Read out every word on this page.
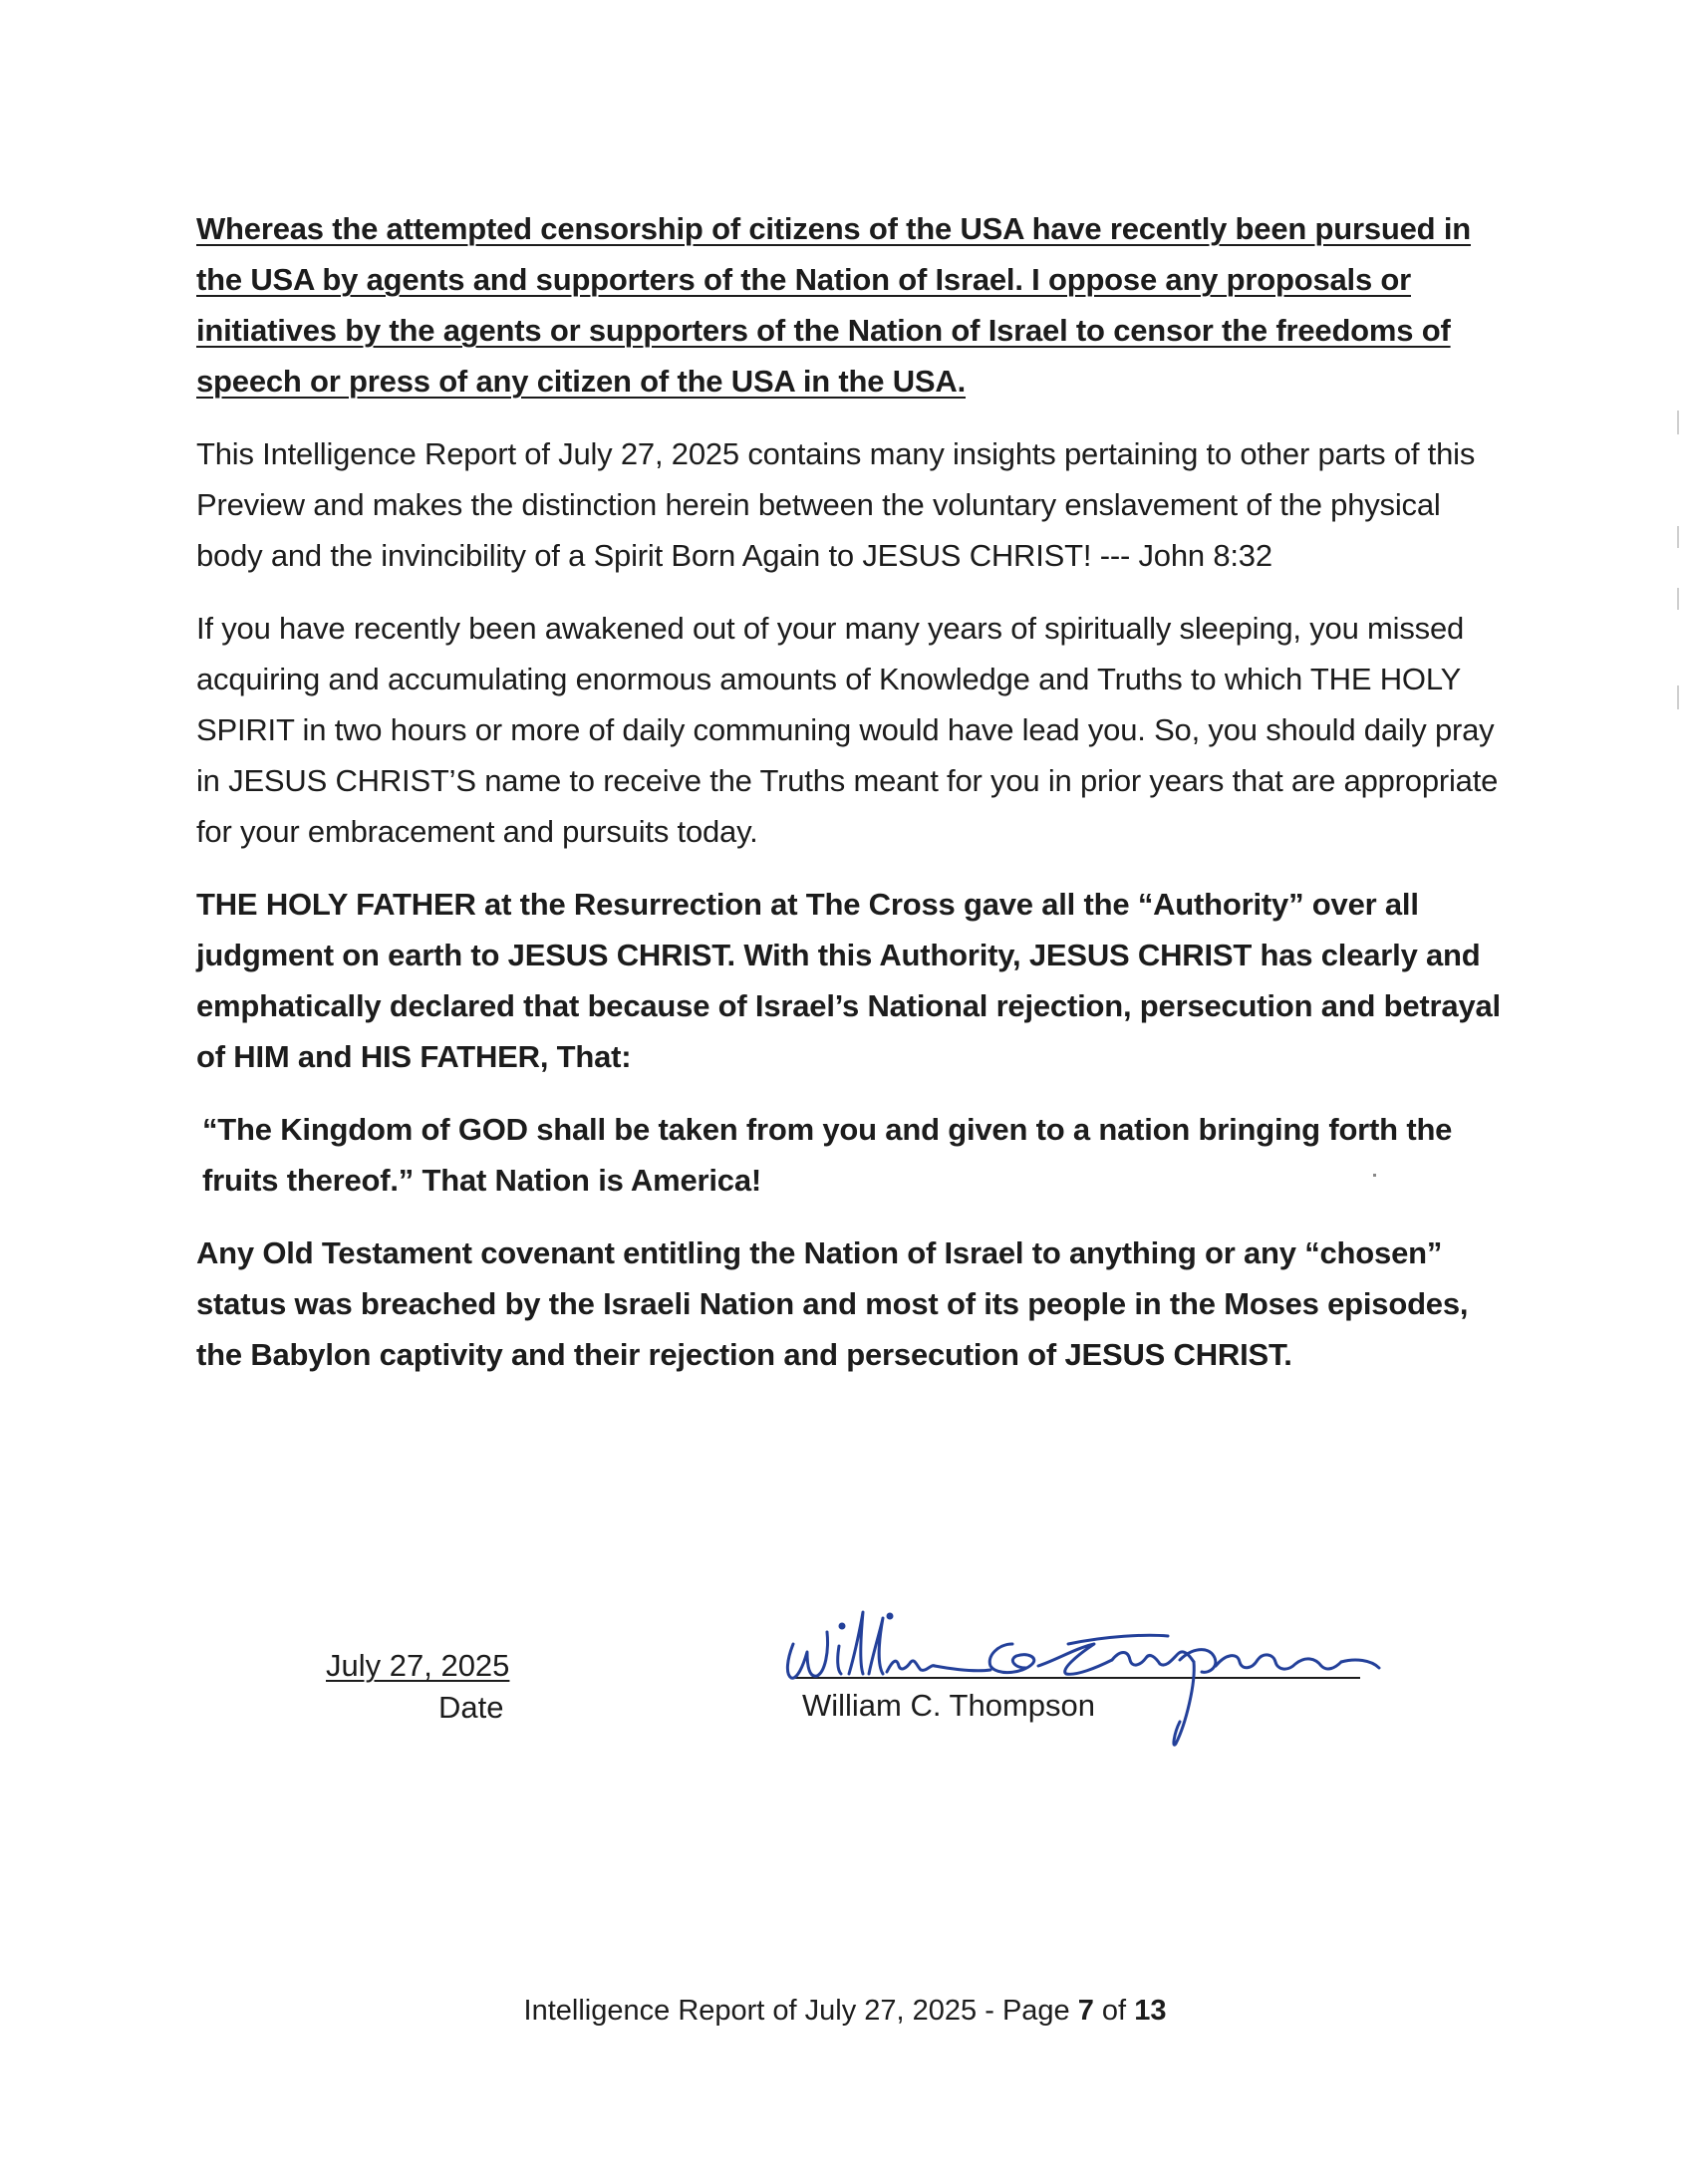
Whereas the attempted censorship of citizens of the USA have recently been pursued in the USA by agents and supporters of the Nation of Israel. I oppose any proposals or initiatives by the agents or supporters of the Nation of Israel to censor the freedoms of speech or press of any citizen of the USA in the USA.

This Intelligence Report of July 27, 2025 contains many insights pertaining to other parts of this Preview and makes the distinction herein between the voluntary enslavement of the physical body and the invincibility of a Spirit Born Again to JESUS CHRIST! --- John 8:32

If you have recently been awakened out of your many years of spiritually sleeping, you missed acquiring and accumulating enormous amounts of Knowledge and Truths to which THE HOLY SPIRIT in two hours or more of daily communing would have lead you. So, you should daily pray in JESUS CHRIST’S name to receive the Truths meant for you in prior years that are appropriate for your embracement and pursuits today.

THE HOLY FATHER at the Resurrection at The Cross gave all the “Authority” over all judgment on earth to JESUS CHRIST. With this Authority, JESUS CHRIST has clearly and emphatically declared that because of Israel’s National rejection, persecution and betrayal of HIM and HIS FATHER, That:

“The Kingdom of GOD shall be taken from you and given to a nation bringing forth the fruits thereof.” That Nation is America!

Any Old Testament covenant entitling the Nation of Israel to anything or any “chosen” status was breached by the Israeli Nation and most of its people in the Moses episodes, the Babylon captivity and their rejection and persecution of JESUS CHRIST.

July 27, 2025
Date	William C. Thompson
Intelligence Report of July 27, 2025 - Page 7 of 13
